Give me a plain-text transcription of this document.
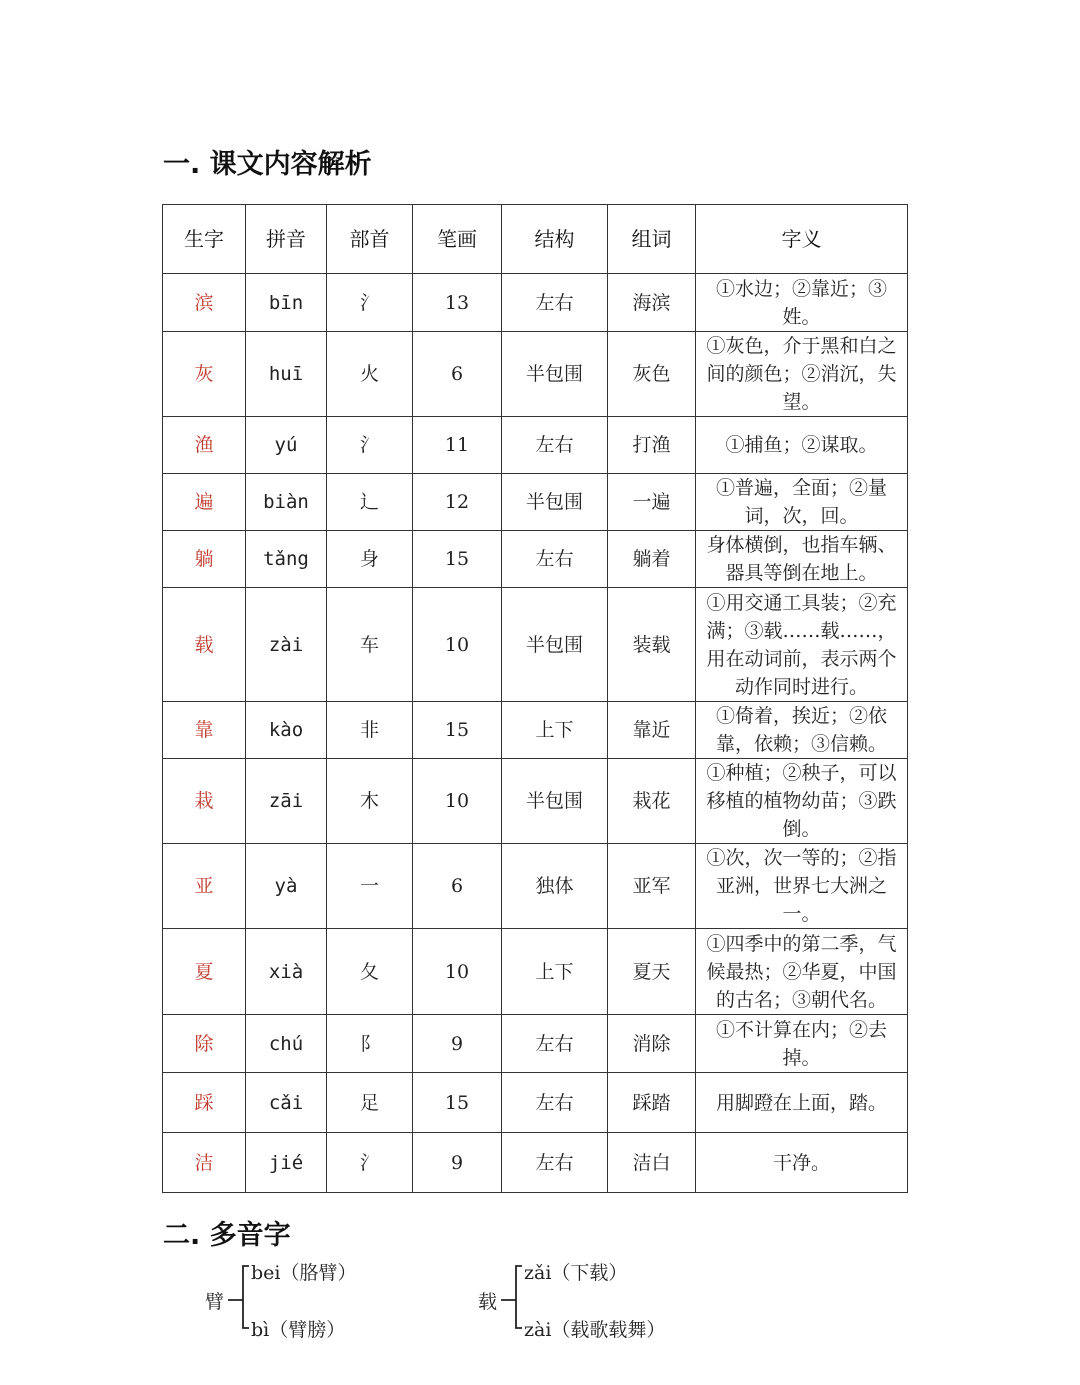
一. 课文内容解析
生字	拼音	部首	笔画	结构	组词	字义
滨	bīn	氵	13	左右	海滨	①水边；②靠近；③姓。
灰	huī	火	6	半包围	灰色	①灰色，介于黑和白之间的颜色；②消沉，失望。
渔	yú	氵	11	左右	打渔	①捕鱼；②谋取。
遍	biàn	辶	12	半包围	一遍	①普遍，全面；②量词，次，回。
躺	tǎng	身	15	左右	躺着	身体横倒，也指车辆、器具等倒在地上。
载	zài	车	10	半包围	装载	①用交通工具装；②充满；③载……载……，用在动词前，表示两个动作同时进行。
靠	kào	非	15	上下	靠近	①倚着，挨近；②依靠，依赖；③信赖。
栽	zāi	木	10	半包围	栽花	①种植；②秧子，可以移植的植物幼苗；③跌倒。
亚	yà	一	6	独体	亚军	①次，次一等的；②指亚洲，世界七大洲之一。
夏	xià	夂	10	上下	夏天	①四季中的第二季，气候最热；②华夏，中国的古名；③朝代名。
除	chú	阝	9	左右	消除	①不计算在内；②去掉。
踩	cǎi	足	15	左右	踩踏	用脚蹬在上面，踏。
洁	jié	氵	9	左右	洁白	干净。
二. 多音字
臂
bei（胳臂）
bì（臂膀）
载
zǎi（下载）
zài（载歌载舞）
